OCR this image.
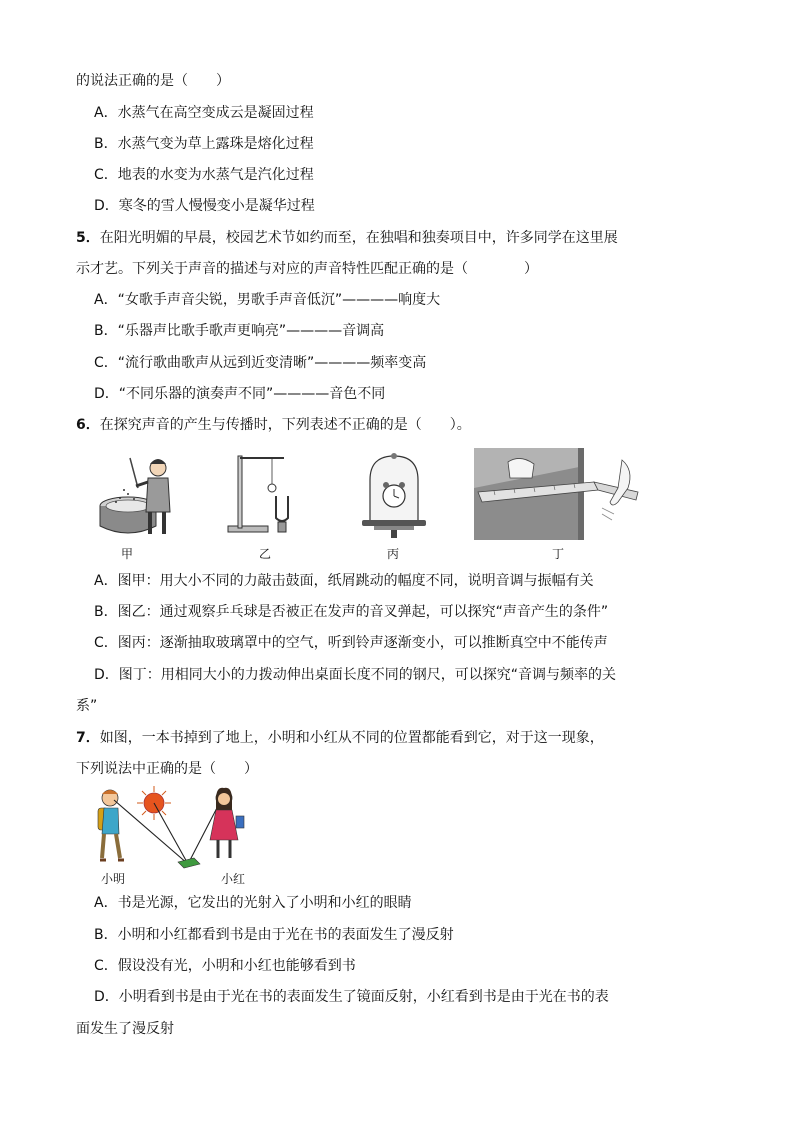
的说法正确的是（　　）
A．水蒸气在高空变成云是凝固过程
B．水蒸气变为草上露珠是熔化过程
C．地表的水变为水蒸气是汽化过程
D．寒冬的雪人慢慢变小是凝华过程
5．在阳光明媚的早晨，校园艺术节如约而至，在独唱和独奏项目中，许多同学在这里展
示才艺。下列关于声音的描述与对应的声音特性匹配正确的是（　　　　）
A．“女歌手声音尖锐，男歌手声音低沉”————响度大
B．“乐器声比歌手歌声更响亮”————音调高
C．“流行歌曲歌声从远到近变清晰”————频率变高
D．“不同乐器的演奏声不同”————音色不同
6．在探究声音的产生与传播时，下列表述不正确的是（　　）。
甲	乙	丙	丁
A．图甲：用大小不同的力敲击鼓面，纸屑跳动的幅度不同，说明音调与振幅有关
B．图乙：通过观察乒乓球是否被正在发声的音叉弹起，可以探究“声音产生的条件”
C．图丙：逐渐抽取玻璃罩中的空气，听到铃声逐渐变小，可以推断真空中不能传声
D．图丁：用相同大小的力拨动伸出桌面长度不同的钢尺，可以探究“音调与频率的关
系”
7．如图，一本书掉到了地上，小明和小红从不同的位置都能看到它，对于这一现象，
下列说法中正确的是（　　）
小明	小红
A．书是光源，它发出的光射入了小明和小红的眼睛
B．小明和小红都看到书是由于光在书的表面发生了漫反射
C．假设没有光，小明和小红也能够看到书
D．小明看到书是由于光在书的表面发生了镜面反射，小红看到书是由于光在书的表
面发生了漫反射
